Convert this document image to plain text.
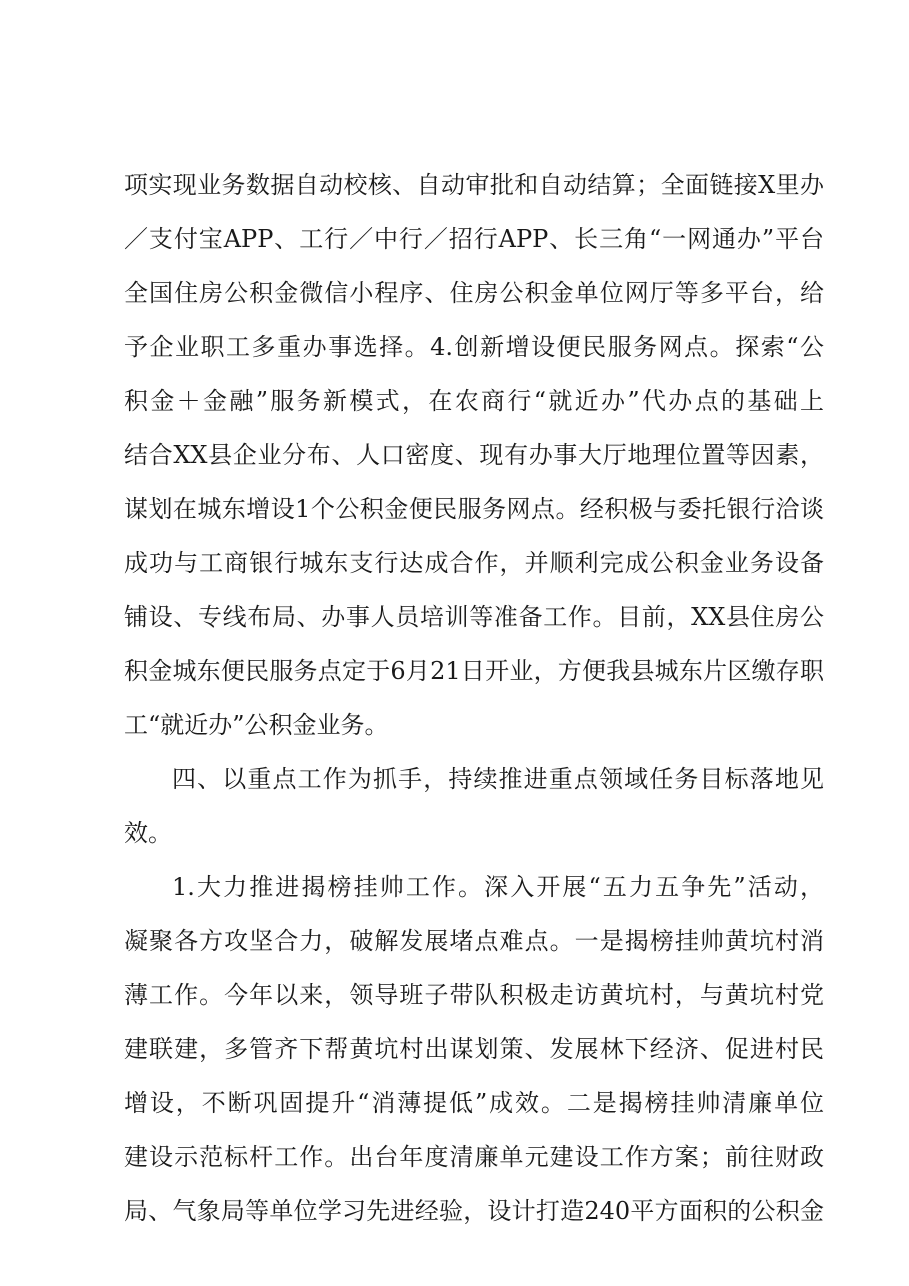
项实现业务数据自动校核、自动审批和自动结算；全面链接X里办
／支付宝APP、工行／中行／招行APP、长三角“一网通办”平台
全国住房公积金微信小程序、住房公积金单位网厅等多平台，给
予企业职工多重办事选择。4.创新增设便民服务网点。探索“公
积金＋金融”服务新模式，在农商行“就近办”代办点的基础上
结合XX县企业分布、人口密度、现有办事大厅地理位置等因素，
谋划在城东增设1个公积金便民服务网点。经积极与委托银行洽谈
成功与工商银行城东支行达成合作，并顺利完成公积金业务设备
铺设、专线布局、办事人员培训等准备工作。目前，XX县住房公
积金城东便民服务点定于6月21日开业，方便我县城东片区缴存职
工“就近办”公积金业务。
四、以重点工作为抓手，持续推进重点领域任务目标落地见
效。
1.大力推进揭榜挂帅工作。深入开展“五力五争先”活动，
凝聚各方攻坚合力，破解发展堵点难点。一是揭榜挂帅黄坑村消
薄工作。今年以来，领导班子带队积极走访黄坑村，与黄坑村党
建联建，多管齐下帮黄坑村出谋划策、发展林下经济、促进村民
增设，不断巩固提升“消薄提低”成效。二是揭榜挂帅清廉单位
建设示范标杆工作。出台年度清廉单元建设工作方案；前往财政
局、气象局等单位学习先进经验，设计打造240平方面积的公积金
